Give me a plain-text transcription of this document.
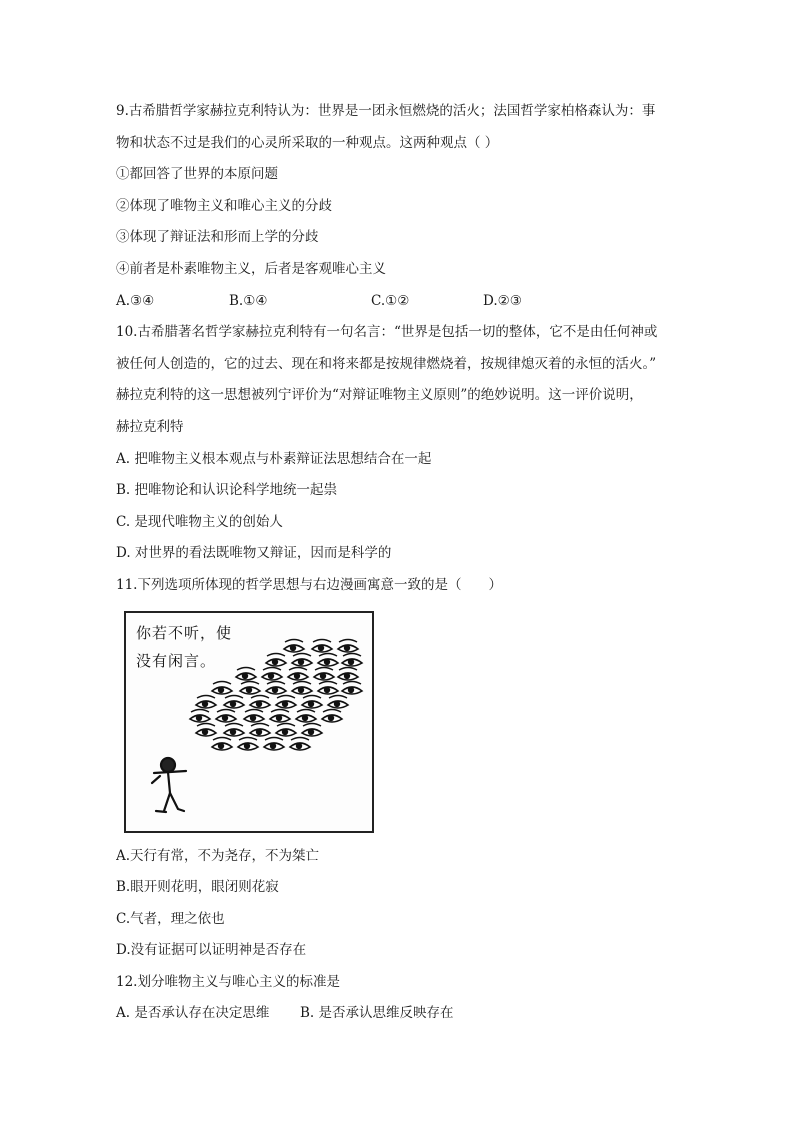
9.古希腊哲学家赫拉克利特认为：世界是一团永恒燃烧的活火；法国哲学家柏格森认为：事
物和状态不过是我们的心灵所采取的一种观点。这两种观点（ ）
①都回答了世界的本原问题
②体现了唯物主义和唯心主义的分歧
③体现了辩证法和形而上学的分歧
④前者是朴素唯物主义，后者是客观唯心主义
A.③④	B.①④	C.①②	D.②③
10.古希腊著名哲学家赫拉克利特有一句名言：“世界是包括一切的整体，它不是由任何神或
被任何人创造的，它的过去、现在和将来都是按规律燃烧着，按规律熄灭着的永恒的活火。”
赫拉克利特的这一思想被列宁评价为“对辩证唯物主义原则”的绝妙说明。这一评价说明，
赫拉克利特
A. 把唯物主义根本观点与朴素辩证法思想结合在一起
B. 把唯物论和认识论科学地统一起祟
C. 是现代唯物主义的创始人
D. 对世界的看法既唯物又辩证，因而是科学的
11.下列选项所体现的哲学思想与右边漫画寓意一致的是（　　）
你若不听，使
没有闲言。
A.天行有常，不为尧存，不为桀亡
B.眼开则花明，眼闭则花寂
C.气者，理之依也
D.没有证据可以证明神是否存在
12.划分唯物主义与唯心主义的标准是
A. 是否承认存在决定思维	B. 是否承认思维反映存在
